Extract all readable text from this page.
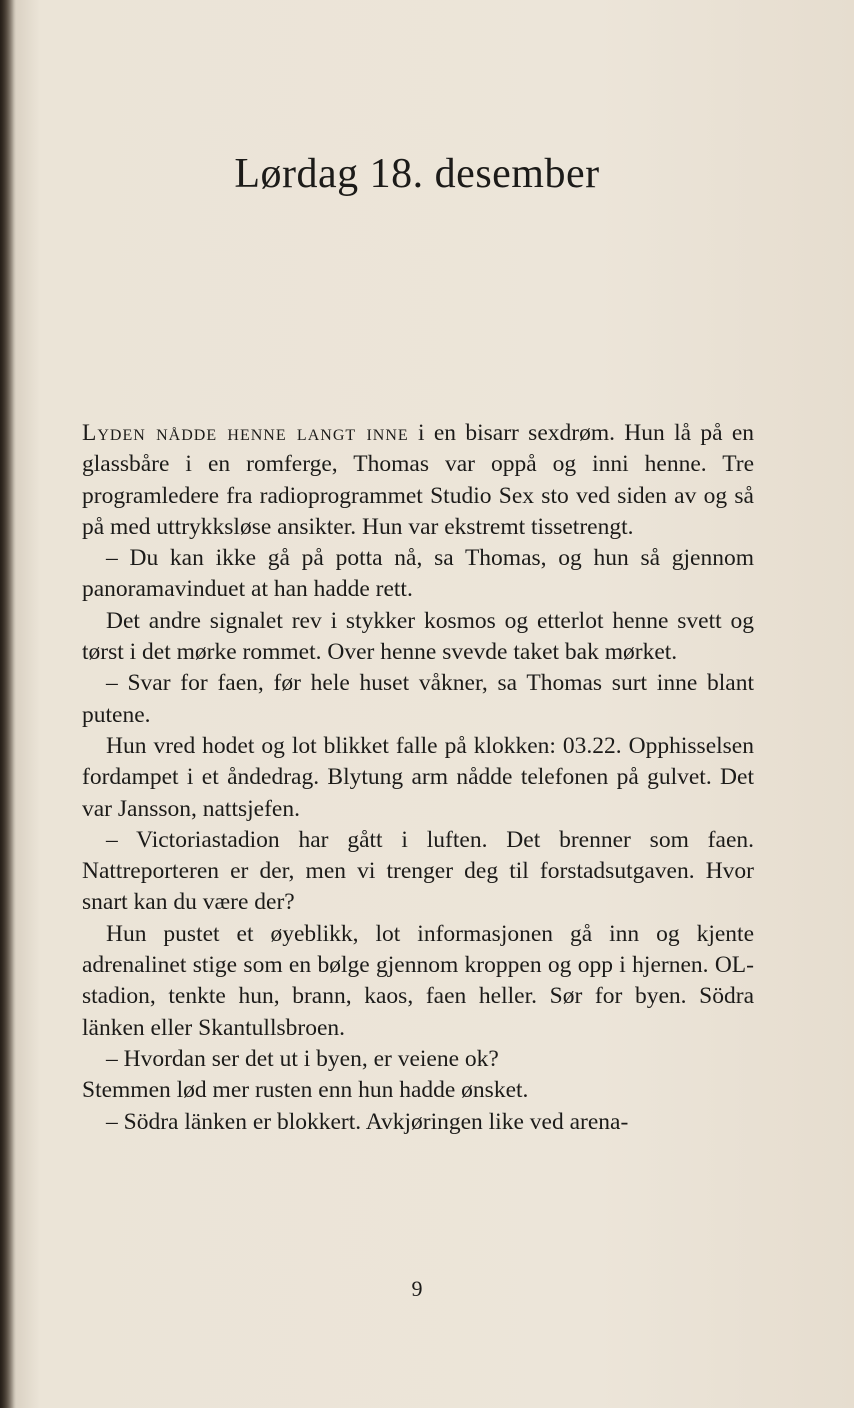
Lørdag 18. desember

Lyden nådde henne langt inne i en bisarr sexdrøm. Hun lå på en glassbåre i en romferge, Thomas var oppå og inni henne. Tre programledere fra radioprogrammet Studio Sex sto ved siden av og så på med uttrykksløse ansikter. Hun var ekstremt tissetrengt.

– Du kan ikke gå på potta nå, sa Thomas, og hun så gjennom panoramavinduet at han hadde rett.

Det andre signalet rev i stykker kosmos og etterlot henne svett og tørst i det mørke rommet. Over henne svevde taket bak mørket.

– Svar for faen, før hele huset våkner, sa Thomas surt inne blant putene.

Hun vred hodet og lot blikket falle på klokken: 03.22. Opphisselsen fordampet i et åndedrag. Blytung arm nådde telefonen på gulvet. Det var Jansson, nattsjefen.

– Victoriastadion har gått i luften. Det brenner som faen. Nattreporteren er der, men vi trenger deg til forstadsutgaven. Hvor snart kan du være der?

Hun pustet et øyeblikk, lot informasjonen gå inn og kjente adrenalinet stige som en bølge gjennom kroppen og opp i hjernen. OL-stadion, tenkte hun, brann, kaos, faen heller. Sør for byen. Södra länken eller Skantullsbroen.

– Hvordan ser det ut i byen, er veiene ok?

Stemmen lød mer rusten enn hun hadde ønsket.

– Södra länken er blokkert. Avkjøringen like ved arena-

9
